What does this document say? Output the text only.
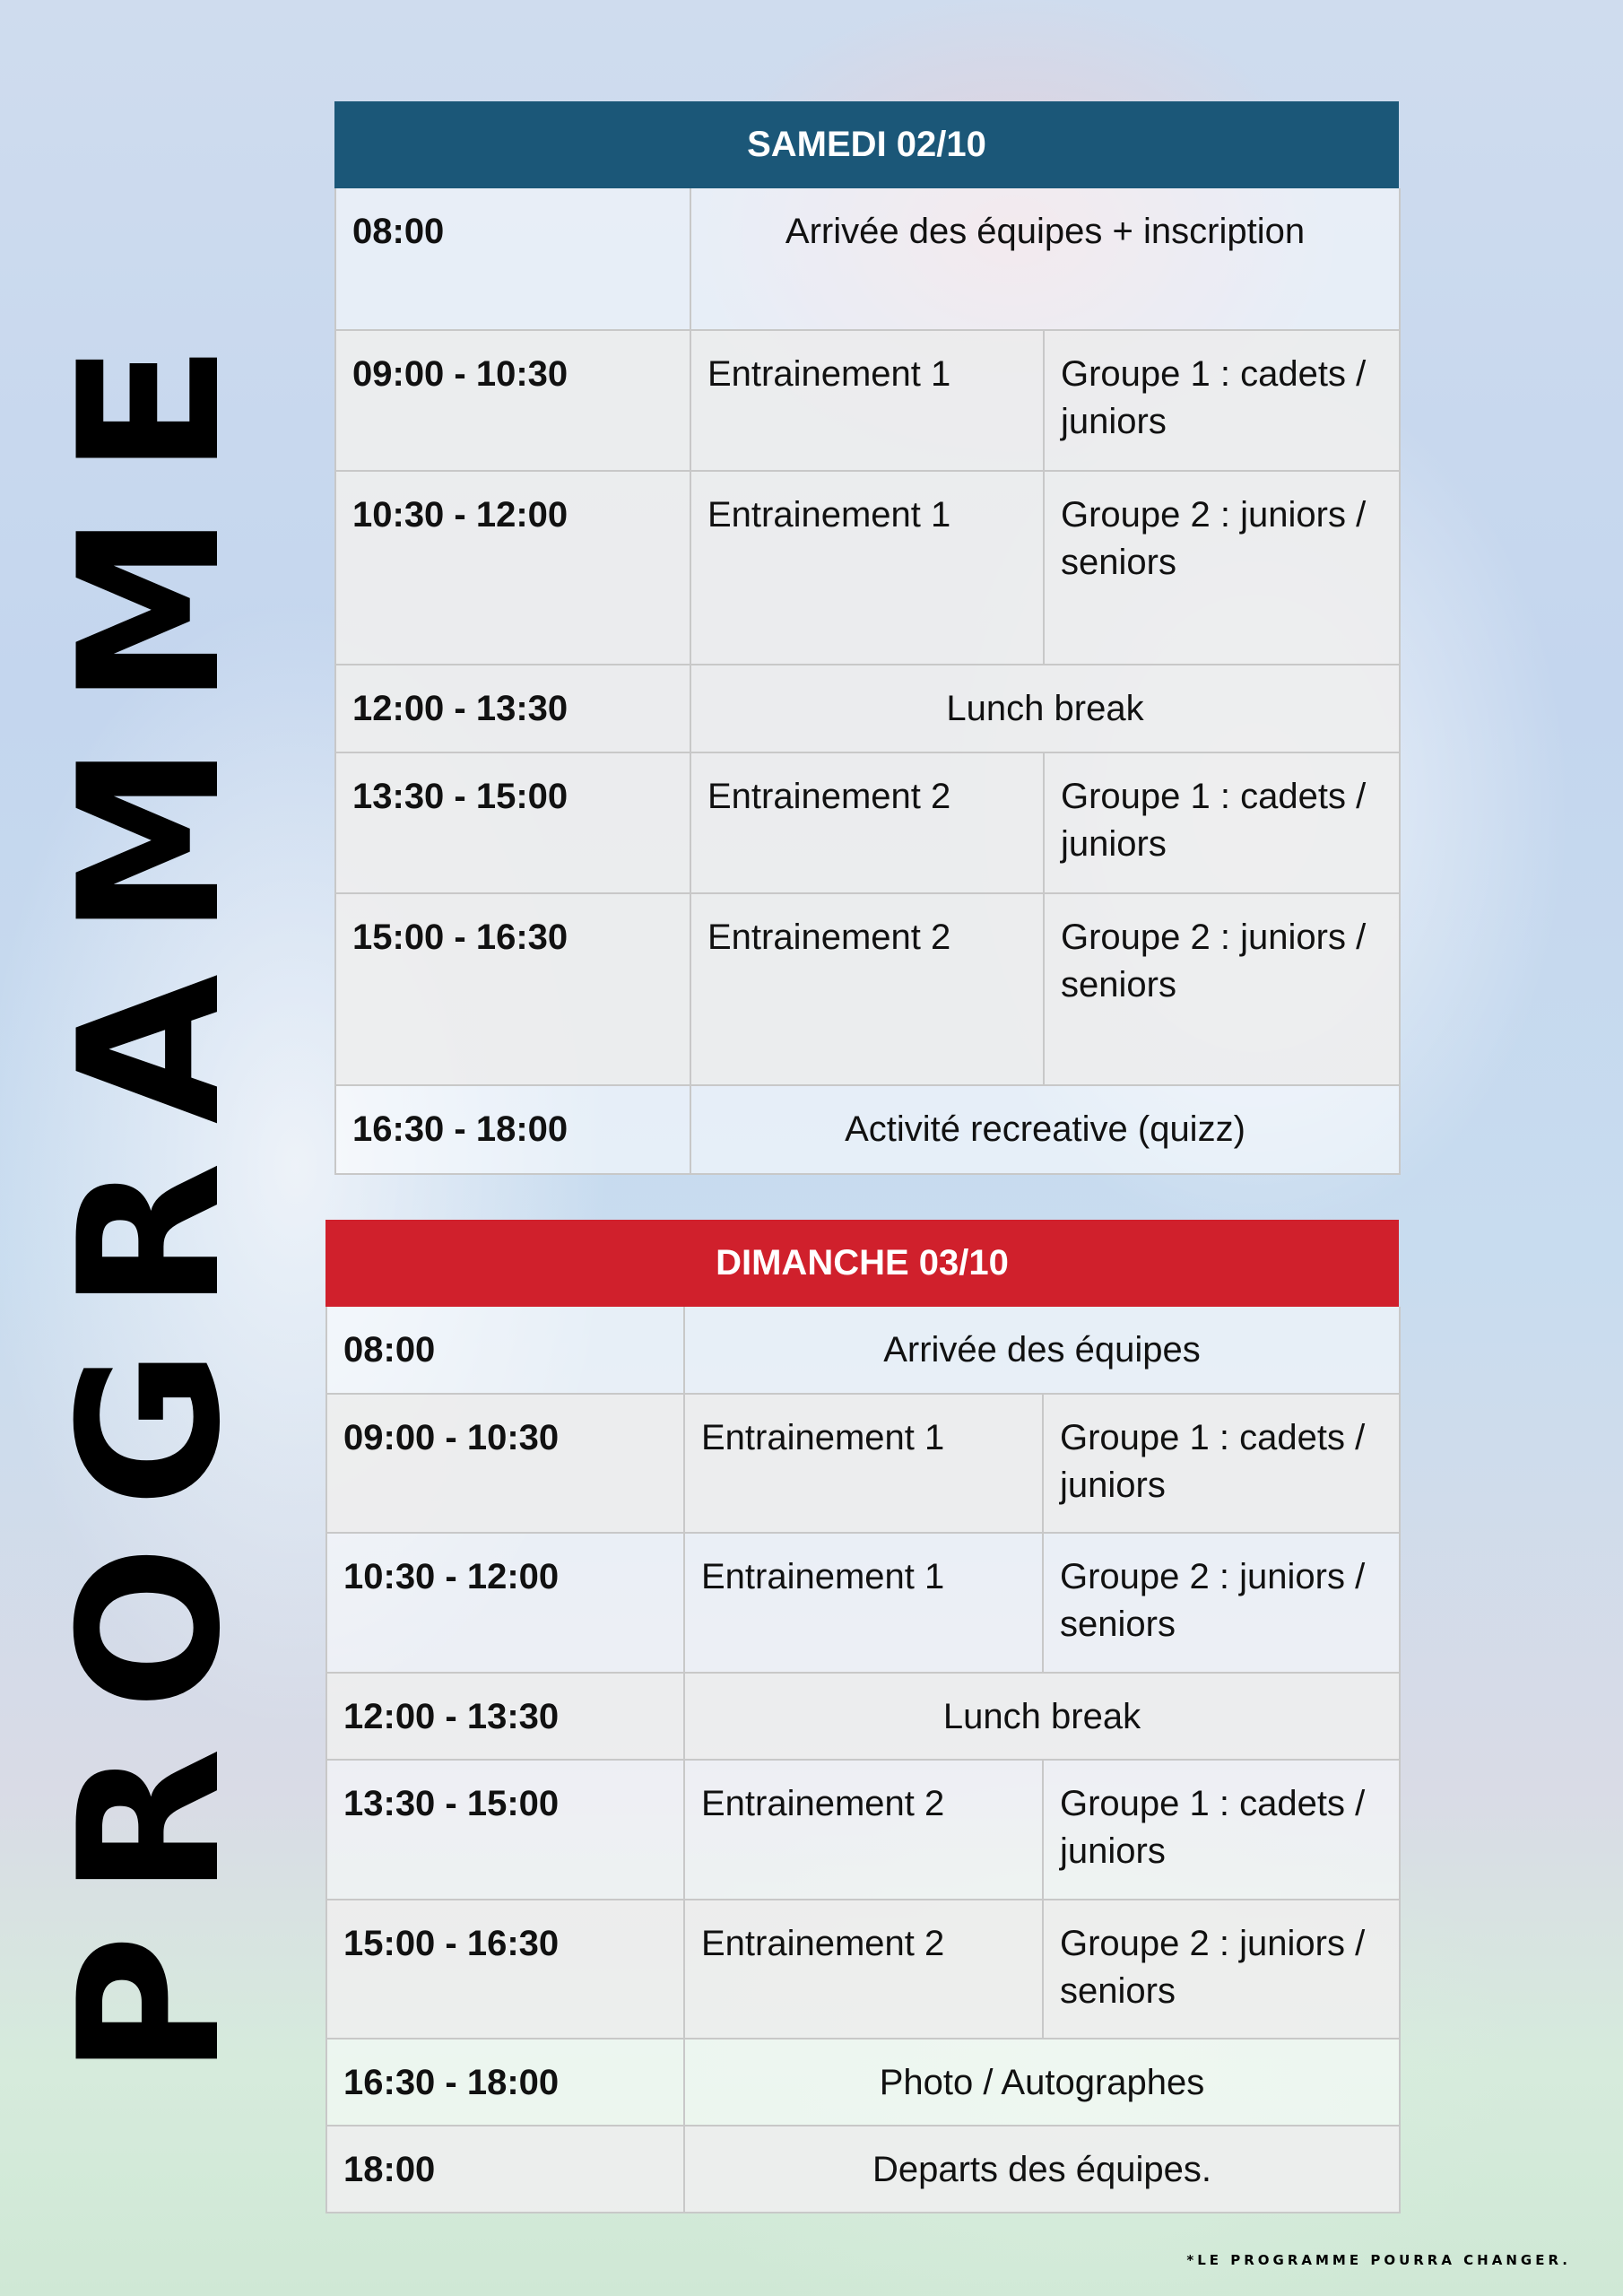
PROGRAMME
SAMEDI 02/10
08:00	Arrivée des équipes + inscription
09:00 - 10:30	Entrainement 1	Groupe 1 : cadets / juniors
10:30 - 12:00	Entrainement 1	Groupe 2 : juniors / seniors
12:00 - 13:30	Lunch break
13:30 - 15:00	Entrainement 2	Groupe 1 : cadets / juniors
15:00 - 16:30	Entrainement 2	Groupe 2 : juniors / seniors
16:30 - 18:00	Activité recreative (quizz)
DIMANCHE 03/10
08:00	Arrivée des équipes
09:00 - 10:30	Entrainement 1	Groupe 1 : cadets / juniors
10:30 - 12:00	Entrainement 1	Groupe 2 : juniors / seniors
12:00 - 13:30	Lunch break
13:30 - 15:00	Entrainement 2	Groupe 1 : cadets / juniors
15:00 - 16:30	Entrainement 2	Groupe 2 : juniors / seniors
16:30 - 18:00	Photo / Autographes
18:00	Departs des équipes.
*LE PROGRAMME POURRA CHANGER.
